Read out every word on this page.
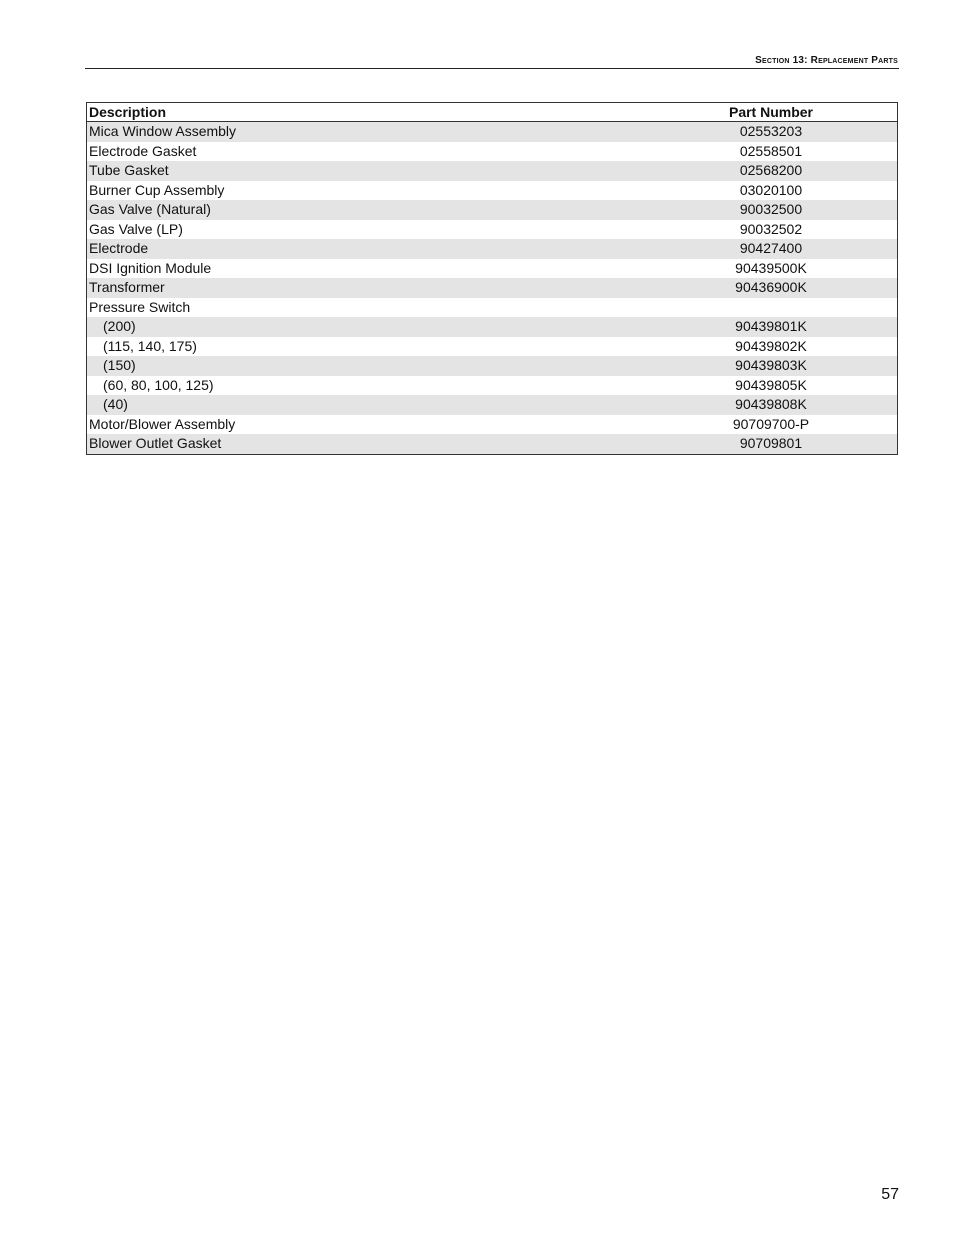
Section 13: Replacement Parts
Description	Part Number
Mica Window Assembly	02553203
Electrode Gasket	02558501
Tube Gasket	02568200
Burner Cup Assembly	03020100
Gas Valve (Natural)	90032500
Gas Valve (LP)	90032502
Electrode	90427400
DSI Ignition Module	90439500K
Transformer	90436900K
Pressure Switch	
(200)	90439801K
(115, 140, 175)	90439802K
(150)	90439803K
(60, 80, 100, 125)	90439805K
(40)	90439808K
Motor/Blower Assembly	90709700-P
Blower Outlet Gasket	90709801
57
